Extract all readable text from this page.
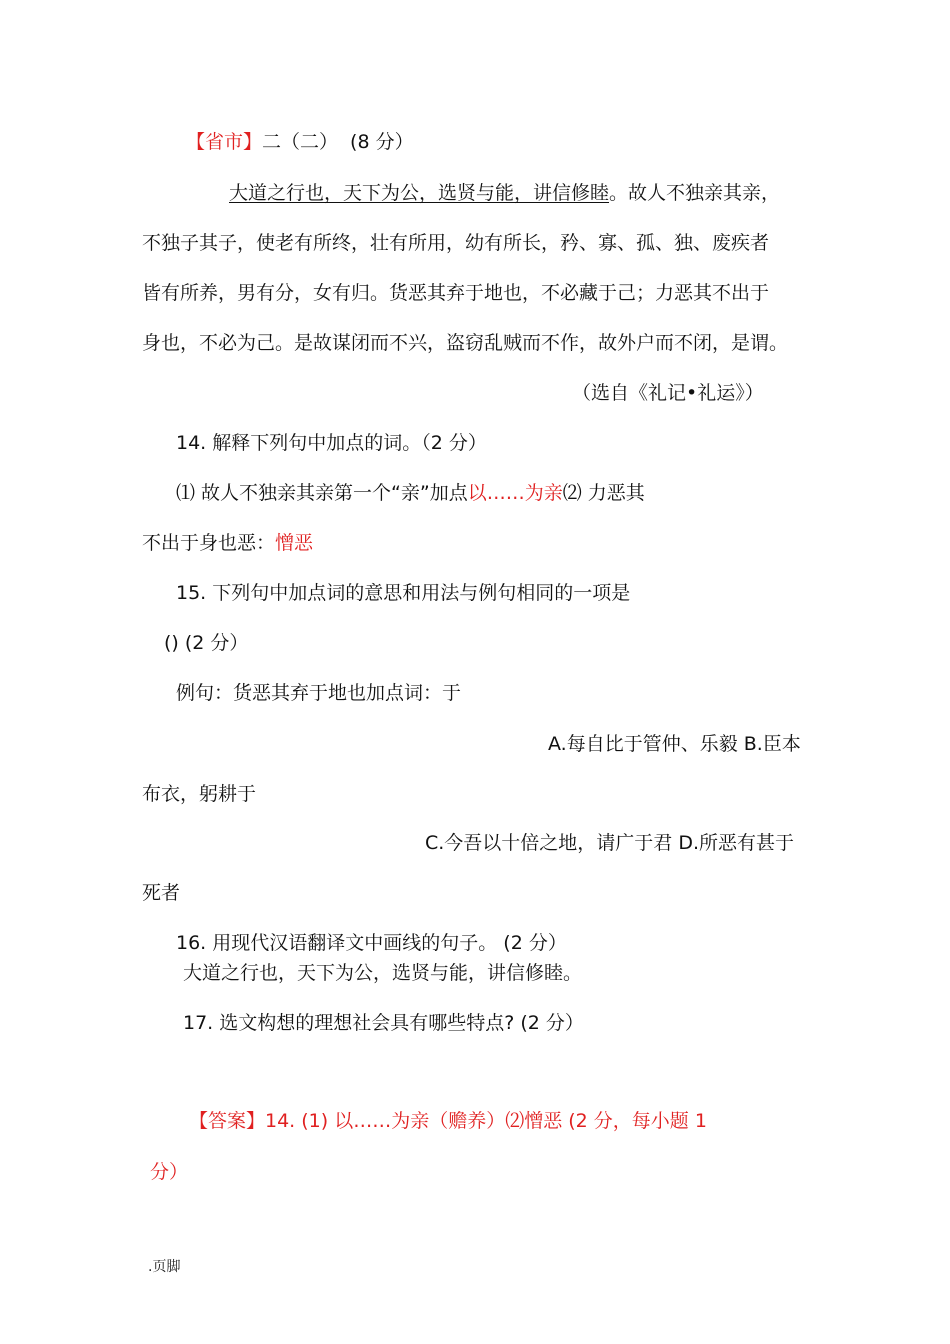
【省市】二（二） (8 分）
大道之行也，天下为公，选贤与能，讲信修睦。故人不独亲其亲，
不独子其子，使老有所终，壮有所用，幼有所长，矜、寡、孤、独、废疾者
皆有所养，男有分，女有归。货恶其弃于地也，不必藏于己；力恶其不出于
身也，不必为己。是故谋闭而不兴，盗窃乱贼而不作，故外户而不闭，是谓。
（选自《礼记•礼运》）
14. 解释下列句中加点的词。（2 分）
⑴ 故人不独亲其亲第一个“亲”加点以……为亲⑵ 力恶其
不出于身也恶：憎恶
15. 下列句中加点词的意思和用法与例句相同的一项是
() (2 分）
例句：货恶其弃于地也加点词：于
A.每自比于管仲、乐毅 B.臣本
布衣，躬耕于
C.今吾以十倍之地，请广于君 D.所恶有甚于
死者
16. 用现代汉语翻译文中画线的句子。 (2 分）
大道之行也，天下为公，选贤与能，讲信修睦。
17. 选文构想的理想社会具有哪些特点? (2 分）
【答案】14. (1) 以……为亲（赡养）⑵憎恶 (2 分，每小题 1
分）
.页脚
